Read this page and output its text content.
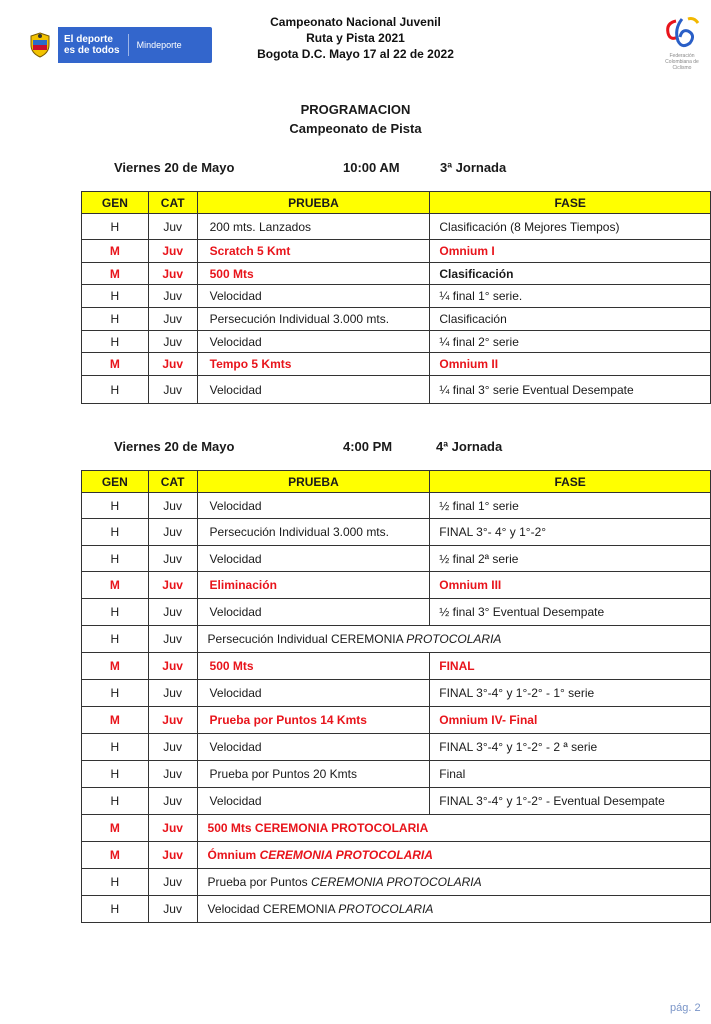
El deporte
es de todos
Mindeporte
Campeonato Nacional Juvenil
Ruta y Pista 2021
Bogota D.C. Mayo 17 al 22 de 2022	Federación Colombiana de Ciclismo
PROGRAMACION
Campeonato de Pista
Viernes 20 de Mayo	10:00 AM	3ª Jornada
GEN	CAT	PRUEBA	FASE
H	Juv	200 mts. Lanzados	Clasificación (8 Mejores Tiempos)
M	Juv	Scratch 5 Kmt	Omnium I
M	Juv	500 Mts	Clasificación
H	Juv	Velocidad	¼ final 1° serie.
H	Juv	Persecución Individual 3.000 mts.	Clasificación
H	Juv	Velocidad	¼ final 2° serie
M	Juv	Tempo 5 Kmts	Omnium II
H	Juv	Velocidad	¼ final 3° serie Eventual Desempate
Viernes 20 de Mayo	4:00 PM	4ª Jornada
GEN	CAT	PRUEBA	FASE
H	Juv	Velocidad	½ final 1° serie
H	Juv	Persecución Individual 3.000 mts.	FINAL 3°- 4° y 1°-2°
H	Juv	Velocidad	½ final 2ª serie
M	Juv	Eliminación	Omnium III
H	Juv	Velocidad	½ final 3° Eventual Desempate
H	Juv	Persecución Individual CEREMONIA PROTOCOLARIA	
M	Juv	500 Mts	FINAL
H	Juv	Velocidad	FINAL 3°-4° y 1°-2° - 1° serie
M	Juv	Prueba por Puntos 14 Kmts	Omnium IV- Final
H	Juv	Velocidad	FINAL 3°-4° y 1°-2° - 2 ª serie
H	Juv	Prueba por Puntos 20 Kmts	Final
H	Juv	Velocidad	FINAL 3°-4° y 1°-2° - Eventual Desempate
M	Juv	500 Mts CEREMONIA PROTOCOLARIA	
M	Juv	Ómnium CEREMONIA PROTOCOLARIA	
H	Juv	Prueba por Puntos CEREMONIA PROTOCOLARIA	
H	Juv	Velocidad CEREMONIA PROTOCOLARIA	
pág. 2
